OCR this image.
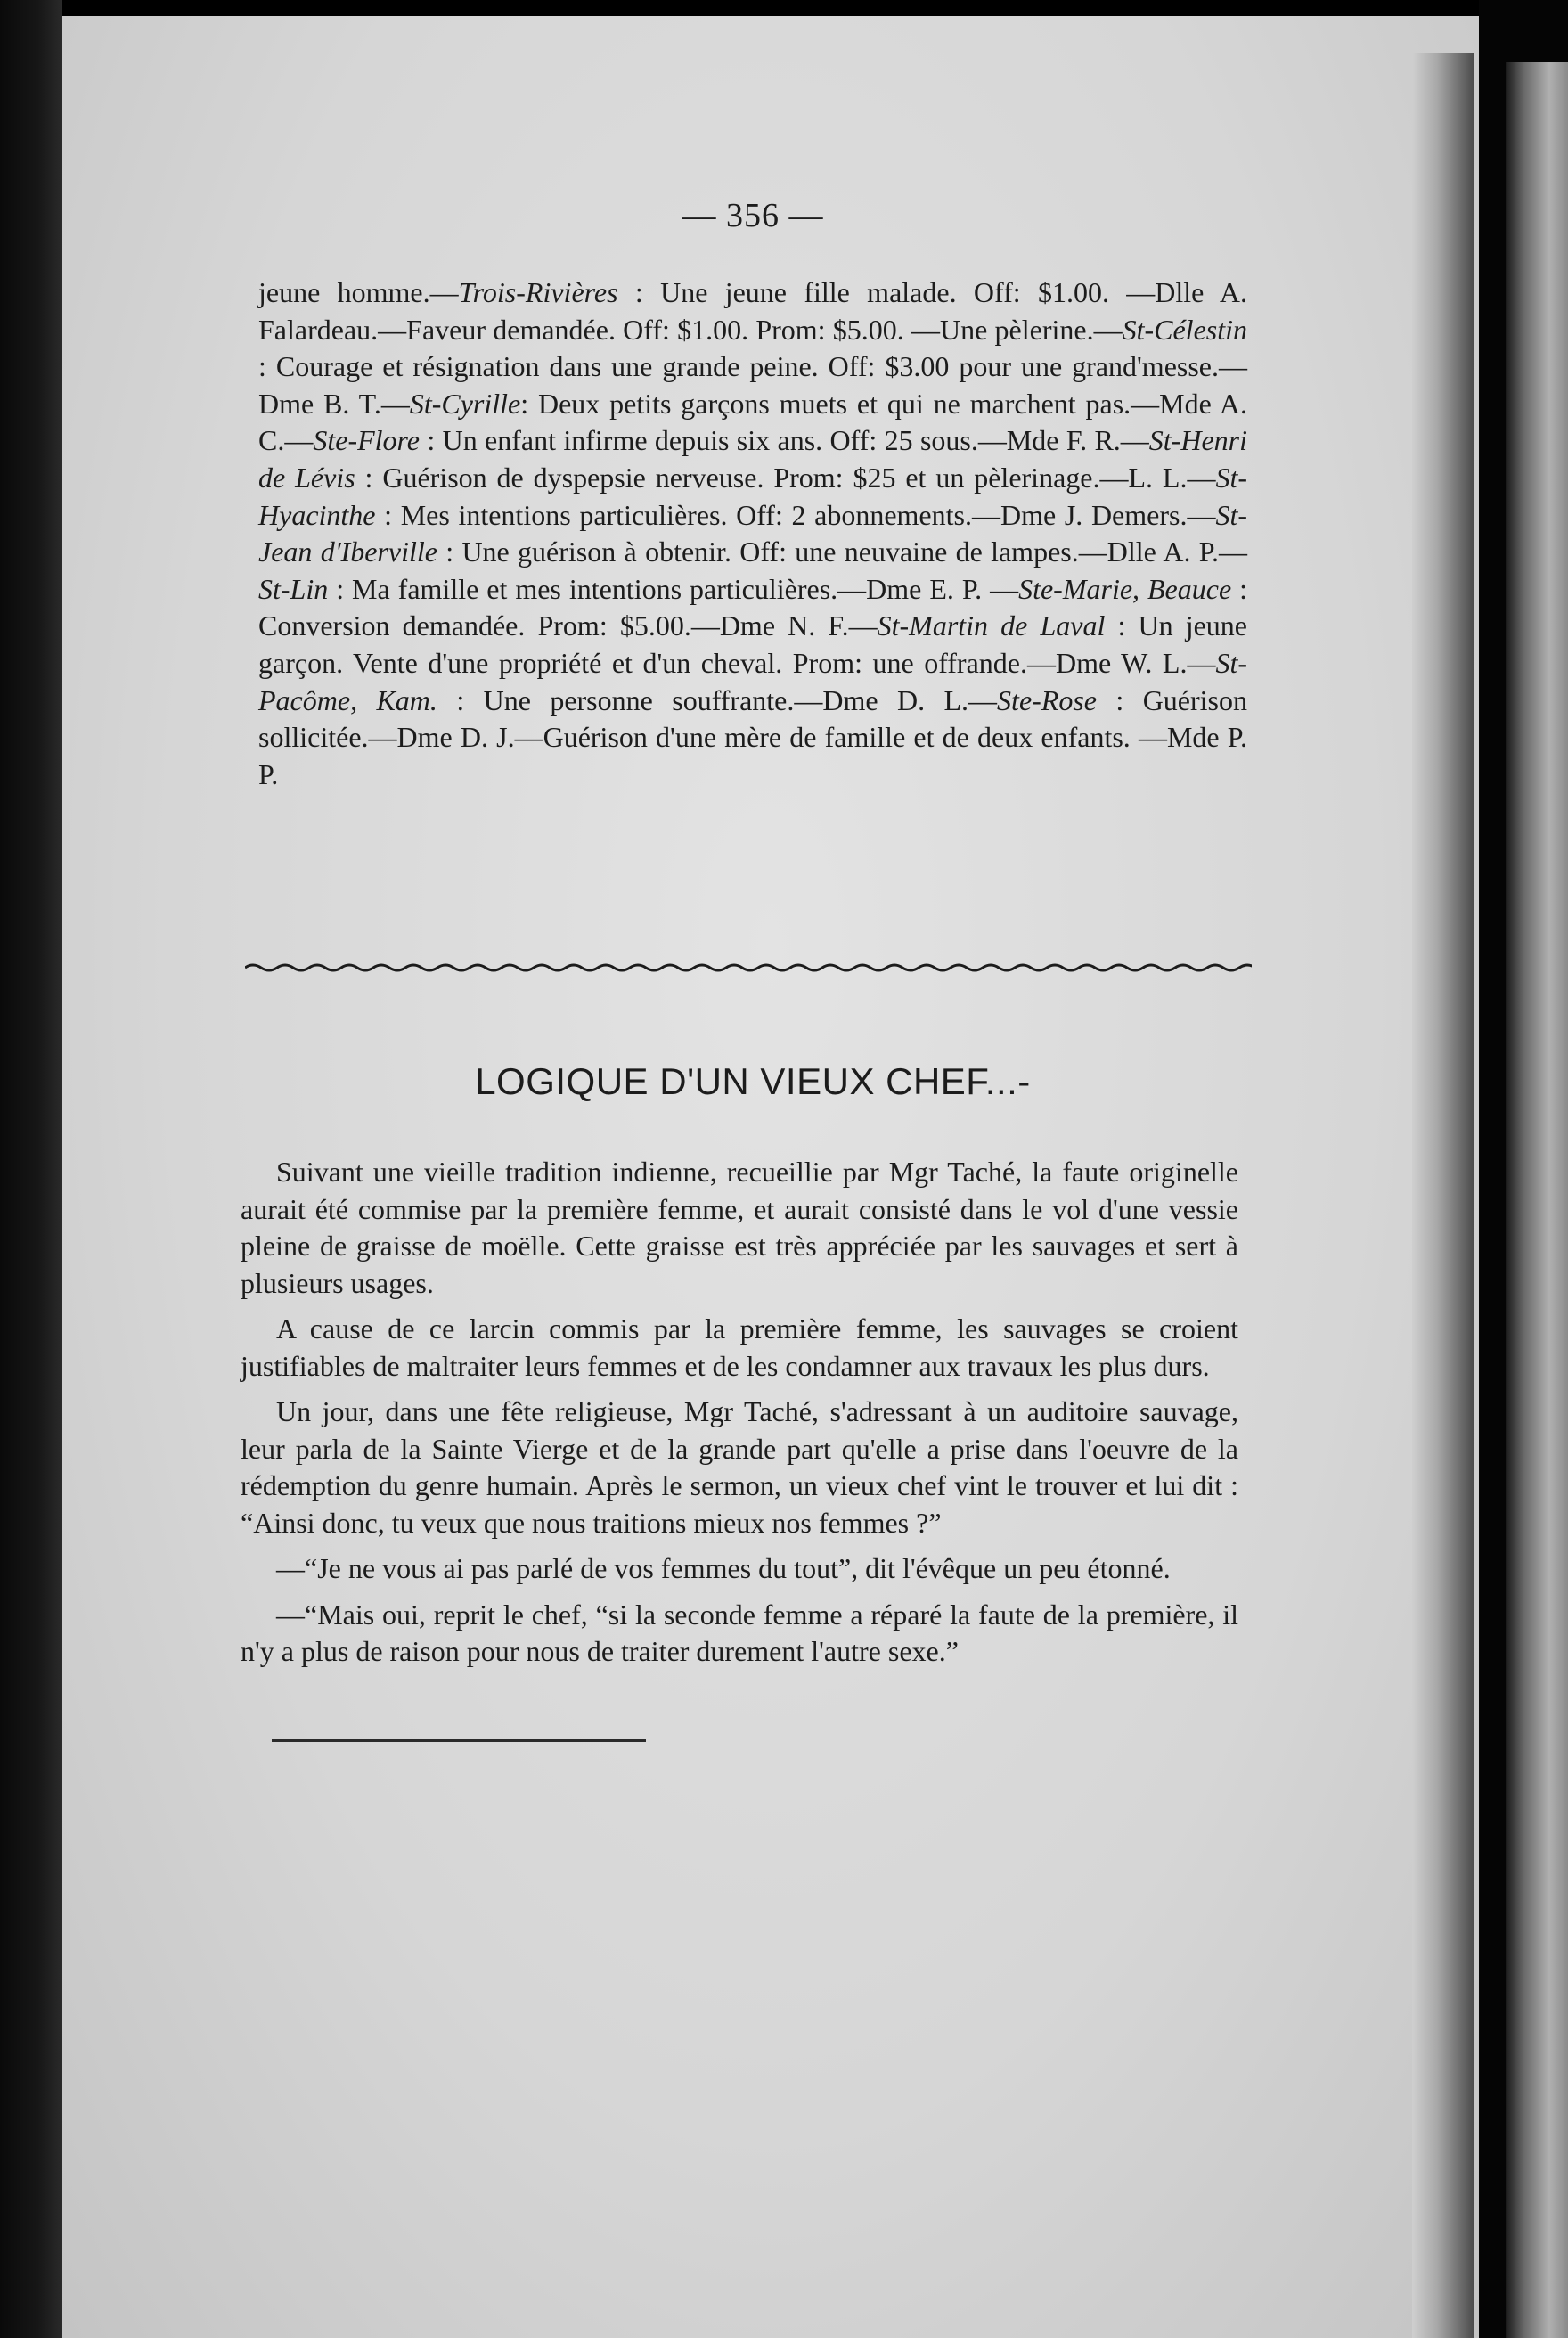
— 356 —

jeune homme.—Trois-Rivières : Une jeune fille malade. Off: $1.00. —Dlle A. Falardeau.—Faveur demandée. Off: $1.00. Prom: $5.00. —Une pèlerine.—St-Célestin : Courage et résignation dans une grande peine. Off: $3.00 pour une grand'messe.—Dme B. T.—St-Cyrille: Deux petits garçons muets et qui ne marchent pas.—Mde A. C.—Ste-Flore : Un enfant infirme depuis six ans. Off: 25 sous.—Mde F. R.—St-Henri de Lévis : Guérison de dyspepsie nerveuse. Prom: $25 et un pèlerinage.—L. L.—St-Hyacinthe : Mes intentions particulières. Off: 2 abonnements.—Dme J. Demers.—St-Jean d'Iberville : Une guérison à obtenir. Off: une neuvaine de lampes.—Dlle A. P.—St-Lin : Ma famille et mes intentions particulières.—Dme E. P. —Ste-Marie, Beauce : Conversion demandée. Prom: $5.00.—Dme N. F.—St-Martin de Laval : Un jeune garçon. Vente d'une propriété et d'un cheval. Prom: une offrande.—Dme W. L.—St-Pacôme, Kam. : Une personne souffrante.—Dme D. L.—Ste-Rose : Guérison sollicitée.—Dme D. J.—Guérison d'une mère de famille et de deux enfants. —Mde P. P.

LOGIQUE D'UN VIEUX CHEF...-

Suivant une vieille tradition indienne, recueillie par Mgr Taché, la faute originelle aurait été commise par la première femme, et aurait consisté dans le vol d'une vessie pleine de graisse de moëlle. Cette graisse est très appréciée par les sauvages et sert à plusieurs usages.

A cause de ce larcin commis par la première femme, les sauvages se croient justifiables de maltraiter leurs femmes et de les condamner aux travaux les plus durs.

Un jour, dans une fête religieuse, Mgr Taché, s'adressant à un auditoire sauvage, leur parla de la Sainte Vierge et de la grande part qu'elle a prise dans l'oeuvre de la rédemption du genre humain. Après le sermon, un vieux chef vint le trouver et lui dit : “Ainsi donc, tu veux que nous traitions mieux nos femmes ?”

—“Je ne vous ai pas parlé de vos femmes du tout”, dit l'évêque un peu étonné.

—“Mais oui, reprit le chef, “si la seconde femme a réparé la faute de la première, il n'y a plus de raison pour nous de traiter durement l'autre sexe.”
